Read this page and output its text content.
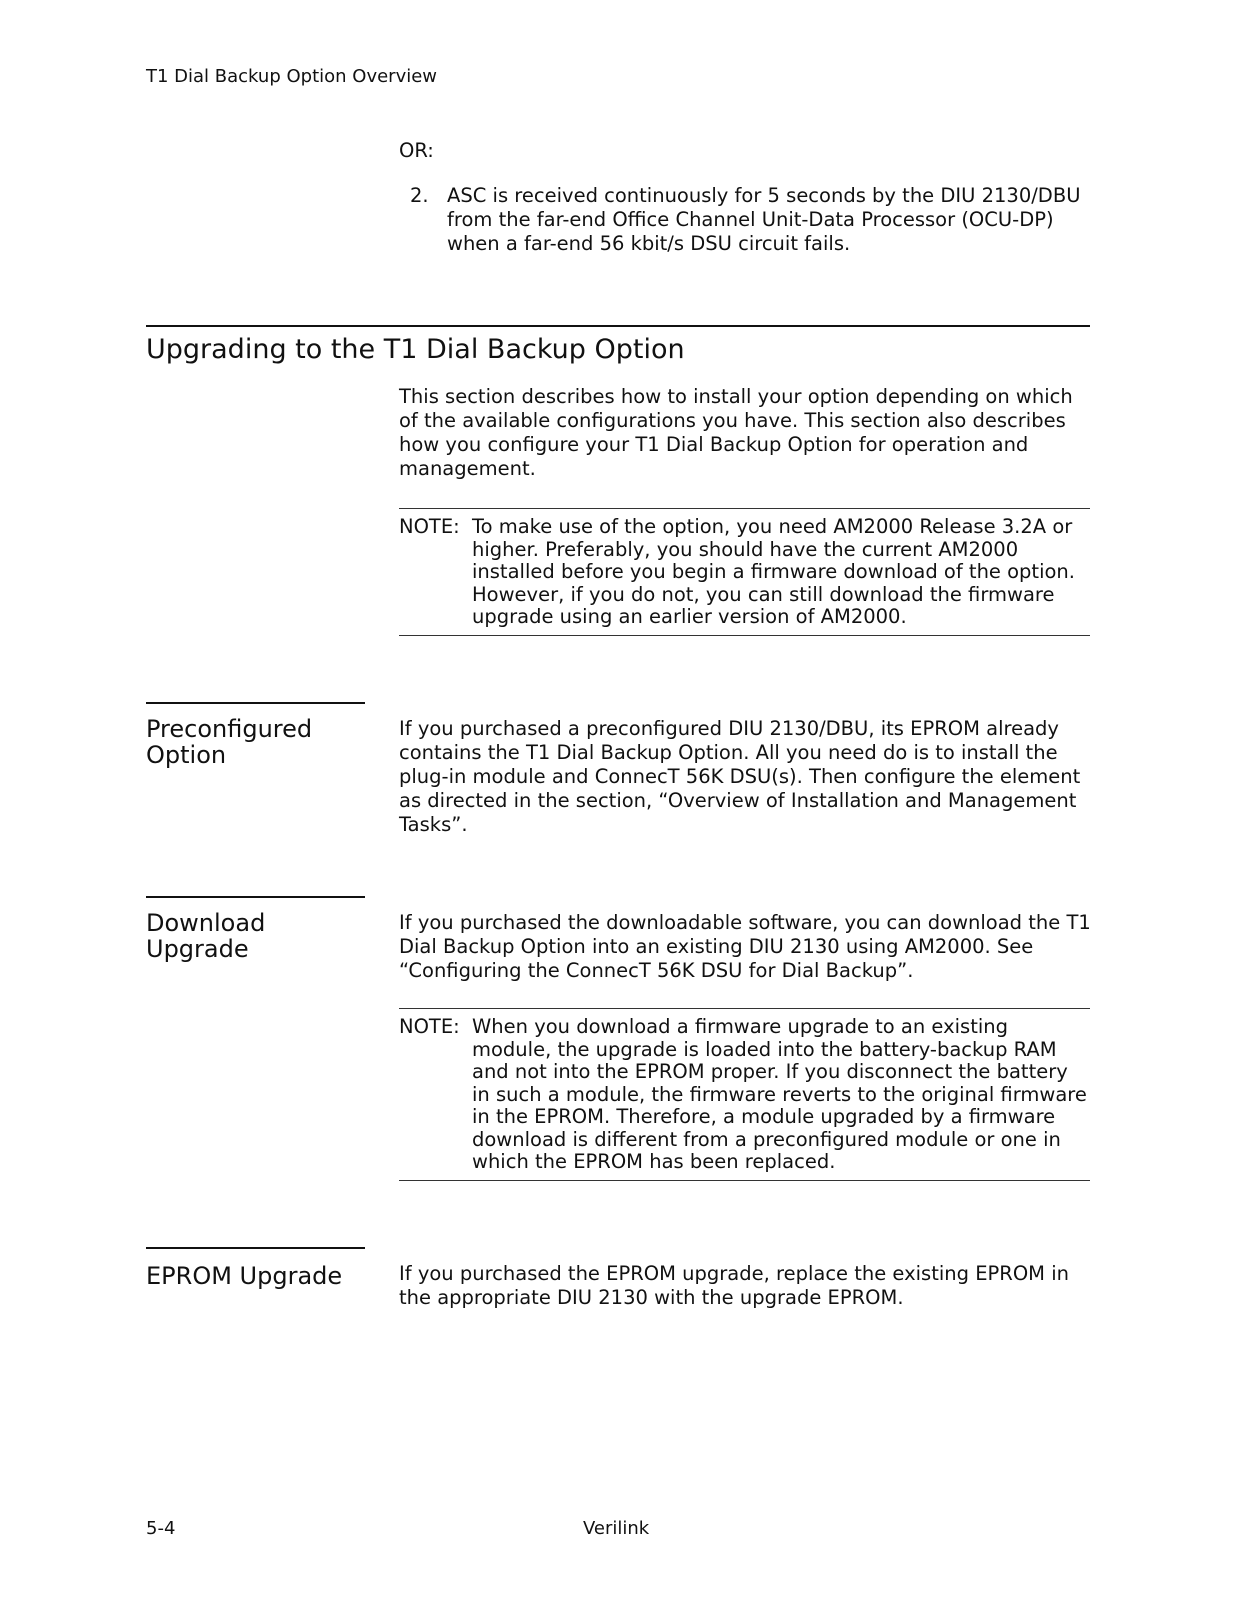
T1 Dial Backup Option Overview
OR:
2. ASC is received continuously for 5 seconds by the DIU 2130/DBU from the far-end Office Channel Unit-Data Processor (OCU-DP) when a far-end 56 kbit/s DSU circuit fails.
Upgrading to the T1 Dial Backup Option
This section describes how to install your option depending on which of the available configurations you have. This section also describes how you configure your T1 Dial Backup Option for operation and management.
NOTE: To make use of the option, you need AM2000 Release 3.2A or higher. Preferably, you should have the current AM2000 installed before you begin a firmware download of the option. However, if you do not, you can still download the firmware upgrade using an earlier version of AM2000.
Preconfigured Option
If you purchased a preconfigured DIU 2130/DBU, its EPROM already contains the T1 Dial Backup Option. All you need do is to install the plug-in module and ConnecT 56K DSU(s). Then configure the element as directed in the section, “Overview of Installation and Management Tasks”.
Download Upgrade
If you purchased the downloadable software, you can download the T1 Dial Backup Option into an existing DIU 2130 using AM2000. See “Configuring the ConnecT 56K DSU for Dial Backup”.
NOTE: When you download a firmware upgrade to an existing module, the upgrade is loaded into the battery-backup RAM and not into the EPROM proper. If you disconnect the battery in such a module, the firmware reverts to the original firmware in the EPROM. Therefore, a module upgraded by a firmware download is different from a preconfigured module or one in which the EPROM has been replaced.
EPROM Upgrade	If you purchased the EPROM upgrade, replace the existing EPROM in the appropriate DIU 2130 with the upgrade EPROM.
5-4	Verilink
